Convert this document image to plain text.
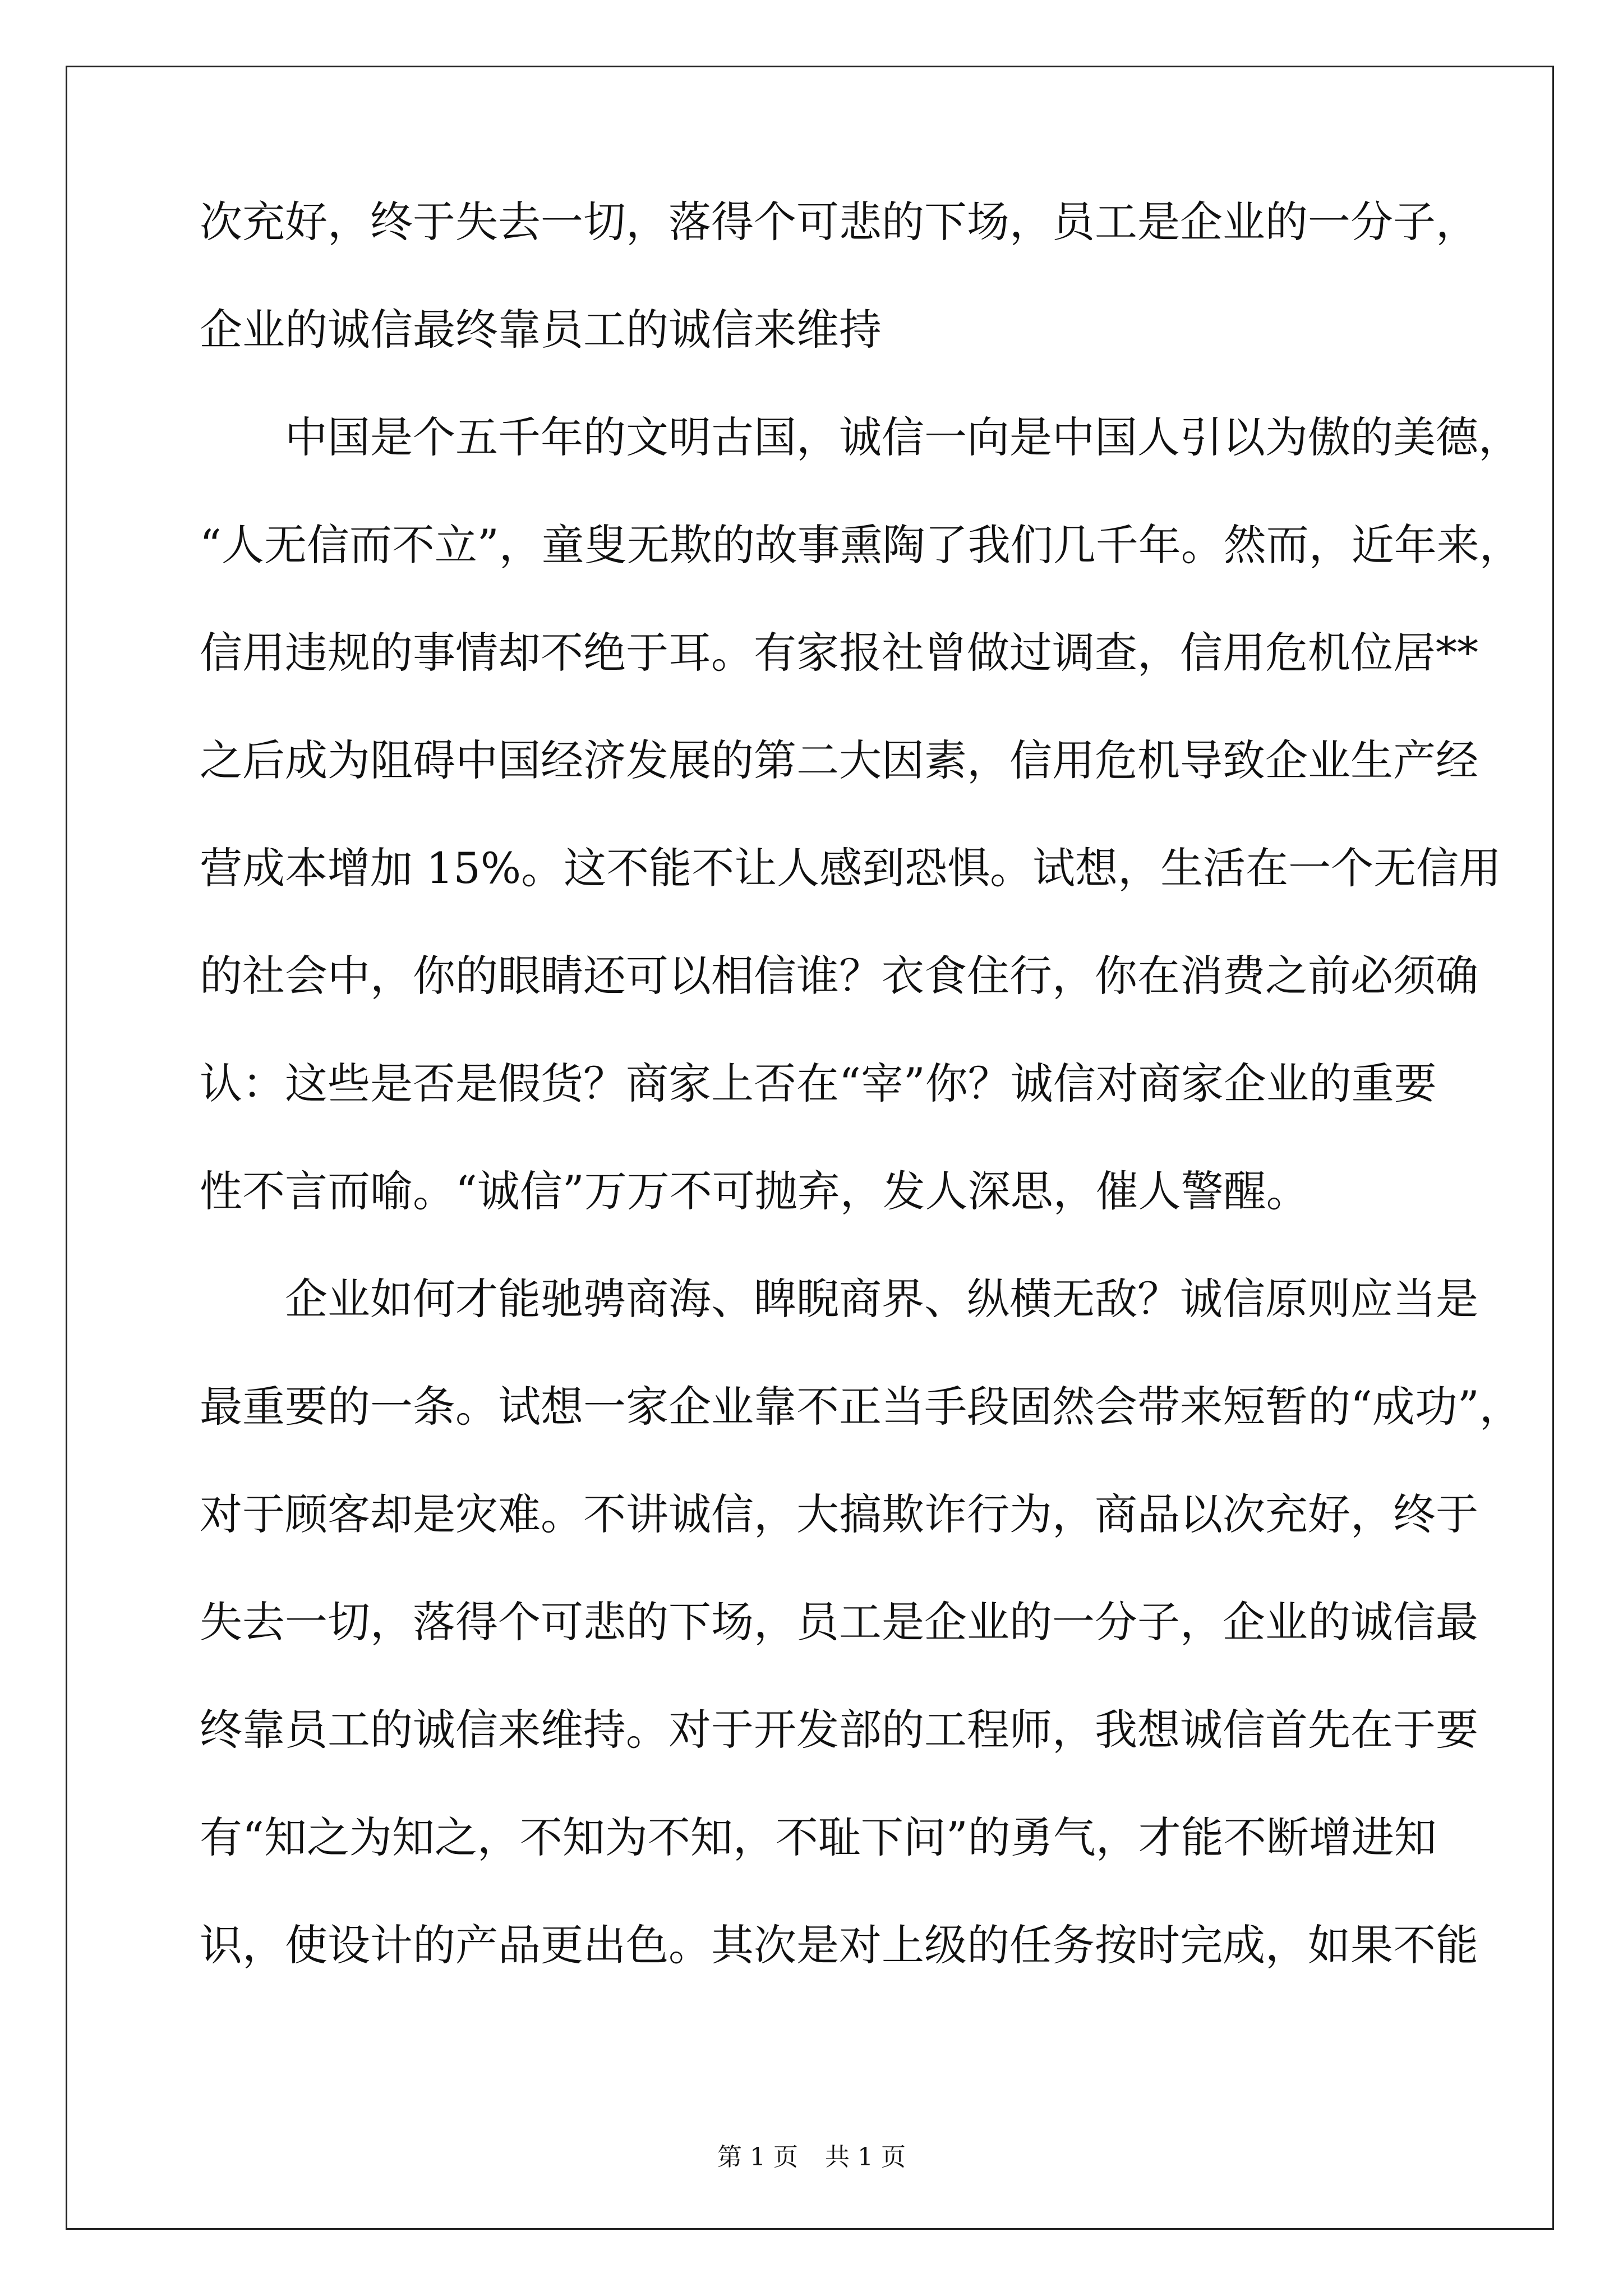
次充好，终于失去一切，落得个可悲的下场，员工是企业的一分子，
企业的诚信最终靠员工的诚信来维持
　　中国是个五千年的文明古国，诚信一向是中国人引以为傲的美德，
“人无信而不立”，童叟无欺的故事熏陶了我们几千年。然而，近年来，
信用违规的事情却不绝于耳。有家报社曾做过调查，信用危机位居**
之后成为阻碍中国经济发展的第二大因素，信用危机导致企业生产经
营成本增加 15%。这不能不让人感到恐惧。试想，生活在一个无信用
的社会中，你的眼睛还可以相信谁？衣食住行，你在消费之前必须确
认：这些是否是假货？商家上否在“宰”你？诚信对商家企业的重要
性不言而喻。“诚信”万万不可抛弃，发人深思，催人警醒。
　　企业如何才能驰骋商海、睥睨商界、纵横无敌？诚信原则应当是
最重要的一条。试想一家企业靠不正当手段固然会带来短暂的“成功”，
对于顾客却是灾难。不讲诚信，大搞欺诈行为，商品以次充好，终于
失去一切，落得个可悲的下场，员工是企业的一分子，企业的诚信最
终靠员工的诚信来维持。对于开发部的工程师，我想诚信首先在于要
有“知之为知之，不知为不知，不耻下问”的勇气，才能不断增进知
识，使设计的产品更出色。其次是对上级的任务按时完成，如果不能
第 1 页 共 1 页
